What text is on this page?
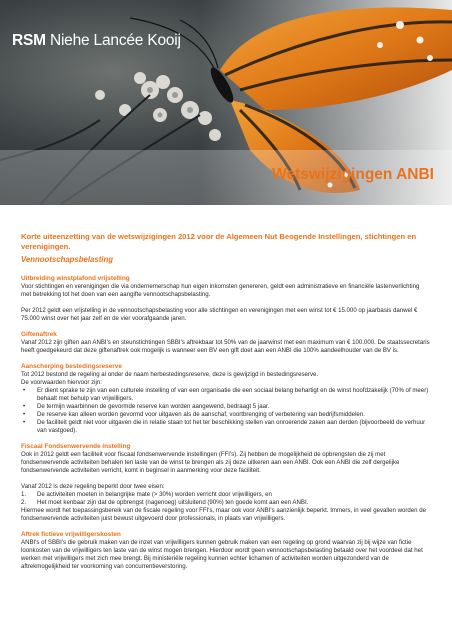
RSM Niehe Lancée Kooij
Wetswijzigingen ANBI

Korte uiteenzetting van de wetswijzigingen 2012 voor de Algemeen Nut Beogende Instellingen, stichtingen en verenigingen.

Vennootschapsbelasting

Uitbreiding winstplafond vrijstelling

Voor stichtingen en verenigingen die via ondernemerschap hun eigen inkomsten genereren, geldt een administratieve en financiële lastenverlichting met betrekking tot het doen van een aangifte vennootschapsbelasting.

Per 2012 geldt een vrijstelling in de vennootschapsbelasting voor alle stichtingen en verenigingen met een winst tot € 15.000 op jaarbasis danwel € 75.000 winst over het jaar zelf en de vier voorafgaande jaren.

Giftenaftrek

Vanaf 2012 zijn giften aan ANBI's en steunstichtingen SBBI's aftrekbaar tot 50% van de jaarwinst met een maximum van € 100.000. De staatssecretaris heeft goedgekeurd dat deze giftenaftrek ook mogelijk is wanneer een BV een gift doet aan een ANBI die 100% aandeelhouder van de BV is.

Aanscherping bestedingsreserve

Tot 2012 bestond de regeling al onder de naam herbestedingsreserve, deze is gewijzigd in bestedingsreserve.

De voorwaarden hiervoor zijn:

• Er dient sprake te zijn van een culturele instelling of van een organisatie die een sociaal belang behartigt en de winst hoofdzakelijk (70% of meer) behaalt met behulp van vrijwilligers.
• De termijn waarbinnen de gevormde reserve kan worden aangewend, bedraagt 5 jaar.
• De reserve kan alleen worden gevormd voor uitgaven als de aanschaf, voortbrenging of verbetering van bedrijfsmiddelen.
• De faciliteit geldt niet voor uitgaven die in relatie staan tot het ter beschikking stellen van onroerende zaken aan derden (bijvoorbeeld de verhuur van vastgoed).

Fiscaal Fondsenwervende instelling

Ook in 2012 geldt een faciliteit voor fiscaal fondsenwervende instellingen (FFI's). Zij hebben de mogelijkheid de opbrengsten die zij met fondsenwervende activiteiten behalen ten laste van de winst te brengen als zij deze uitkeren aan een ANBI. Ook een ANBI die zelf dergelijke fondsenwervende activiteiten verricht, komt in beginsel in aanmerking voor deze faciliteit.

Vanaf 2012 is deze regeling beperkt door twee eisen:

1. De activiteiten moeten in belangrijke mate (> 30%) worden verricht door vrijwilligers, en
2. Het moet kenbaar zijn dat de opbrengst (nagenoeg) uitsluitend (90%) ten goede komt aan een ANBI.

Hiermee wordt het toepassingsbereik van de fiscale regeling voor FFI's, maar ook voor ANBI's aanzienlijk beperkt. Immers, in veel gevallen worden de fondsenwervende activiteiten juist bewust uitgevoerd door professionals, in plaats van vrijwilligers.

Aftrek fictieve vrijwilligerskosten

ANBI's of SBBI's die gebruik maken van de inzet van vrijwilligers kunnen gebruik maken van een regeling op grond waarvan zij bij wijze van fictie loonkosten van de vrijwilligers ten laste van de winst mogen brengen. Hierdoor wordt geen vennootschapsbelasting betaald over het voordeel dat het werken met vrijwilligers met zich mee brengt. Bij ministeriële regeling kunnen echter lichamen of activiteiten worden uitgezonderd van de aftrekmogelijkheid ter voorkoming van concurrentieverstoring.
